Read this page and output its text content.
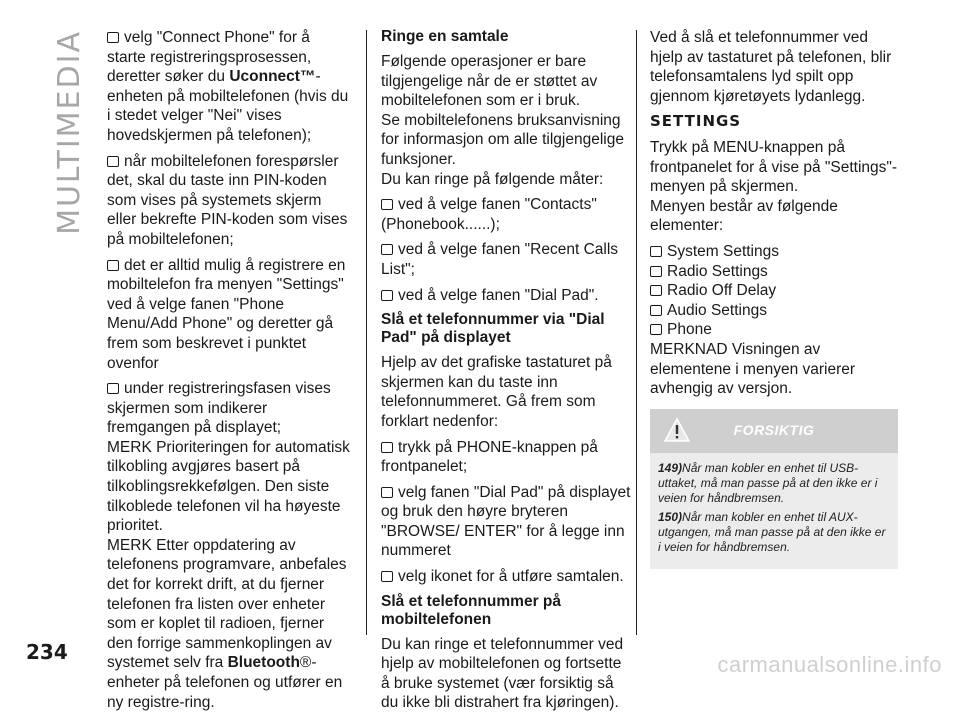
MULTIMEDIA	velg "Connect Phone" for å starte registreringsprosessen, deretter søker du Uconnect™-enheten på mobiltelefonen (hvis du i stedet velger "Nei" vises hovedskjermen på telefonen);

når mobiltelefonen forespørsler det, skal du taste inn PIN-koden som vises på systemets skjerm eller bekrefte PIN-koden som vises på mobiltelefonen;

det er alltid mulig å registrere en mobiltelefon fra menyen "Settings" ved å velge fanen "Phone Menu/Add Phone" og deretter gå frem som beskrevet i punktet ovenfor

under registreringsfasen vises skjermen som indikerer fremgangen på displayet;

MERK Prioriteringen for automatisk tilkobling avgjøres basert på tilkoblingsrekkefølgen. Den siste tilkoblede telefonen vil ha høyeste prioritet.

MERK Etter oppdatering av telefonens programvare, anbefales det for korrekt drift, at du fjerner telefonen fra listen over enheter som er koplet til radioen, fjerner den forrige sammenkoplingen av systemet selv fra Bluetooth®-enheter på telefonen og utfører en ny registre-ring.

Ringe en samtale

Følgende operasjoner er bare tilgjengelige når de er støttet av mobiltelefonen som er i bruk.

Se mobiltelefonens bruksanvisning for informasjon om alle tilgjengelige funksjoner.

Du kan ringe på følgende måter:

ved å velge fanen "Contacts" (Phonebook......);

ved å velge fanen "Recent Calls List";

ved å velge fanen "Dial Pad".

Slå et telefonnummer via "Dial Pad" på displayet

Hjelp av det grafiske tastaturet på skjermen kan du taste inn telefonnummeret. Gå frem som forklart nedenfor:

trykk på PHONE-knappen på frontpanelet;

velg fanen "Dial Pad" på displayet og bruk den høyre bryteren "BROWSE/ ENTER" for å legge inn nummeret

velg ikonet for å utføre samtalen.

Slå et telefonnummer på mobiltelefonen

Du kan ringe et telefonnummer ved hjelp av mobiltelefonen og fortsette å bruke systemet (vær forsiktig så du ikke bli distrahert fra kjøringen).

Ved å slå et telefonnummer ved hjelp av tastaturet på telefonen, blir telefonsamtalens lyd spilt opp gjennom kjøretøyets lydanlegg.

SETTINGS

Trykk på MENU-knappen på frontpanelet for å vise på "Settings"-menyen på skjermen.

Menyen består av følgende elementer:

System Settings

Radio Settings

Radio Off Delay

Audio Settings

Phone

MERKNAD Visningen av elementene i menyen varierer avhengig av versjon.

FORSIKTIG

149)Når man kobler en enhet til USB-uttaket, må man passe på at den ikke er i veien for håndbremsen.

150)Når man kobler en enhet til AUX-utgangen, må man passe på at den ikke er i veien for håndbremsen.

234	carmanualsonline.info
